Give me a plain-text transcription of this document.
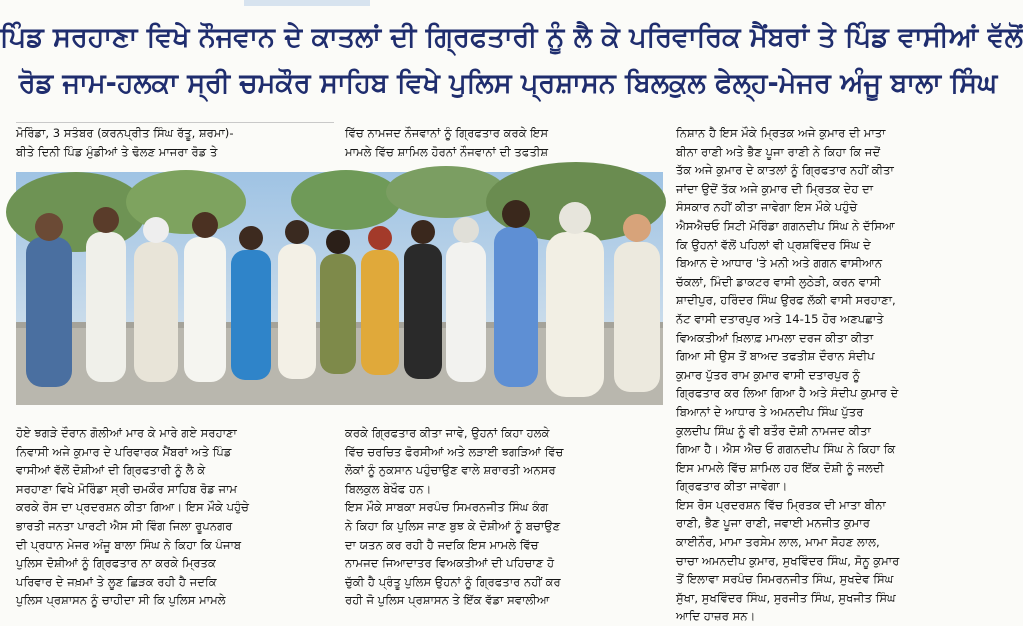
ਪਿੰਡ ਸਰਹਾਣਾ ਵਿਖੇ ਨੌਜਵਾਨ ਦੇ ਕਾਤਲਾਂ ਦੀ ਗ੍ਰਿਫਤਾਰੀ ਨੂੰ ਲੈ ਕੇ ਪਰਿਵਾਰਿਕ ਮੈਂਬਰਾਂ ਤੇ ਪਿੰਡ ਵਾਸੀਆਂ ਵੱਲੋਂ
ਰੋਡ ਜਾਮ-ਹਲਕਾ ਸ੍ਰੀ ਚਮਕੌਰ ਸਾਹਿਬ ਵਿਖੇ ਪੁਲਿਸ ਪ੍ਰਸ਼ਾਸਨ ਬਿਲਕੁਲ ਫੇਲ੍ਹ-ਮੇਜਰ ਅੰਜੂ ਬਾਲਾ ਸਿੰਘ

ਮੋਰਿੰਡਾ, 3 ਸਤੰਬਰ (ਕਰਨਪ੍ਰੀਤ ਸਿੰਘ ਰੱਤੂ, ਸ਼ਰਮਾ)-

ਬੀਤੇ ਦਿਨੀ ਪਿੰਡ ਮੁੰਡੀਆਂ ਤੇ ਢੋਲਣ ਮਾਜਰਾ ਰੋਡ ਤੇ

ਵਿੱਚ ਨਾਮਜਦ ਨੌਜਵਾਨਾਂ ਨੂੰ ਗ੍ਰਿਫਤਾਰ ਕਰਕੇ ਇਸ

ਮਾਮਲੇ ਵਿੱਚ ਸ਼ਾਮਿਲ ਹੋਰਨਾਂ ਨੌਜਵਾਨਾਂ ਦੀ ਤਫਤੀਸ਼

ਨਿਸ਼ਾਨ ਹੈ ਇਸ ਮੌਕੇ ਮ੍ਰਿਤਕ ਅਜੇ ਕੁਮਾਰ ਦੀ ਮਾਤਾ

ਬੀਨਾ ਰਾਣੀ ਅਤੇ ਭੈਣ ਪੂਜਾ ਰਾਣੀ ਨੇ ਕਿਹਾ ਕਿ ਜਦੋਂ

ਤੱਕ ਅਜੇ ਕੁਮਾਰ ਦੇ ਕਾਤਲਾਂ ਨੂੰ ਗ੍ਰਿਫਤਾਰ ਨਹੀਂ ਕੀਤਾ

ਜਾਂਦਾ ਉਦੋਂ ਤੱਕ ਅਜੇ ਕੁਮਾਰ ਦੀ ਮ੍ਰਿਤਕ ਦੇਹ ਦਾ

ਸੰਸਕਾਰ ਨਹੀਂ ਕੀਤਾ ਜਾਵੇਗਾ ਇਸ ਮੌਕੇ ਪਹੁੰਚੇ

ਐਸਐਚਓ ਸਿਟੀ ਮੋਰਿੰਡਾ ਗਗਨਦੀਪ ਸਿੰਘ ਨੇ ਦੱਸਿਆ

ਕਿ ਉਹਨਾਂ ਵੱਲੋਂ ਪਹਿਲਾਂ ਵੀ ਪ੍ਰਸ਼ਵਿੰਦਰ ਸਿੰਘ ਦੇ

ਬਿਆਨ ਦੇ ਆਧਾਰ 'ਤੇ ਮਨੀ ਅਤੇ ਗਗਨ ਵਾਸੀਆਨ

ਚੱਕਲਾਂ, ਮਿੰਦੀ ਡਾਕਟਰ ਵਾਸੀ ਲੁਠੇੜੀ, ਕਰਨ ਵਾਸੀ

ਸ਼ਾਦੀਪੁਰ, ਹਰਿੰਦਰ ਸਿੰਘ ਉਰਫ ਲੱਕੀ ਵਾਸੀ ਸਰਹਾਣਾ,

ਨੱਟ ਵਾਸੀ ਦਤਾਰਪੁਰ ਅਤੇ 14-15 ਹੋਰ ਅਣਪਛਾਤੇ

ਵਿਅਕਤੀਆਂ ਖ਼ਿਲਾਫ਼ ਮਾਮਲਾ ਦਰਜ ਕੀਤਾ ਕੀਤਾ

ਗਿਆ ਸੀ ਉਸ ਤੋਂ ਬਾਅਦ ਤਫਤੀਸ਼ ਦੌਰਾਨ ਸੰਦੀਪ

ਕੁਮਾਰ ਪੁੱਤਰ ਰਾਮ ਕੁਮਾਰ ਵਾਸੀ ਦਤਾਰਪੁਰ ਨੂੰ

ਗ੍ਰਿਫਤਾਰ ਕਰ ਲਿਆ ਗਿਆ ਹੈ ਅਤੇ ਸੰਦੀਪ ਕੁਮਾਰ ਦੇ

ਬਿਆਨਾਂ ਦੇ ਆਧਾਰ ਤੇ ਅਮਨਦੀਪ ਸਿੰਘ ਪੁੱਤਰ

ਕੁਲਦੀਪ ਸਿੰਘ ਨੂੰ ਵੀ ਬਤੌਰ ਦੋਸ਼ੀ ਨਾਮਜਦ ਕੀਤਾ

ਗਿਆ ਹੈ। ਐਸ ਐਚ ਓ ਗਗਨਦੀਪ ਸਿੰਘ ਨੇ ਕਿਹਾ ਕਿ

ਇਸ ਮਾਮਲੇ ਵਿੱਚ ਸ਼ਾਮਿਲ ਹਰ ਇੱਕ ਦੋਸ਼ੀ ਨੂੰ ਜਲਦੀ

ਗ੍ਰਿਫਤਾਰ ਕੀਤਾ ਜਾਵੇਗਾ।

ਇਸ ਰੋਸ ਪ੍ਰਦਰਸ਼ਨ ਵਿੱਚ ਮ੍ਰਿਤਕ ਦੀ ਮਾਤਾ ਬੀਨਾ

ਰਾਣੀ, ਭੈਣ ਪੂਜਾ ਰਾਣੀ, ਜਵਾਈ ਮਨਜੀਤ ਕੁਮਾਰ

ਕਾਈਨੌਰ, ਮਾਮਾ ਤਰਸੇਮ ਲਾਲ, ਮਾਮਾ ਸੋਹਣ ਲਾਲ,

ਚਾਚਾ ਅਮਨਦੀਪ ਕੁਮਾਰ, ਸੁਖਵਿੰਦਰ ਸਿੰਘ, ਸੋਨੂ ਕੁਮਾਰ

ਤੋਂ ਇਲਾਵਾ ਸਰਪੰਚ ਸਿਮਰਨਜੀਤ ਸਿੰਘ, ਸੁਖਦੇਵ ਸਿੰਘ

ਸੁੱਖਾ, ਸੁਖਵਿੰਦਰ ਸਿੰਘ, ਸੁਰਜੀਤ ਸਿੰਘ, ਸੁਖਜੀਤ ਸਿੰਘ

ਆਦਿ ਹਾਜ਼ਰ ਸਨ।

ਹੋਏ ਝਗੜੇ ਦੌਰਾਨ ਗੋਲੀਆਂ ਮਾਰ ਕੇ ਮਾਰੇ ਗਏ ਸਰਹਾਣਾ

ਨਿਵਾਸੀ ਅਜੇ ਕੁਮਾਰ ਦੇ ਪਰਿਵਾਰਕ ਮੈਂਬਰਾਂ ਅਤੇ ਪਿੰਡ

ਵਾਸੀਆਂ ਵੱਲੋਂ ਦੋਸ਼ੀਆਂ ਦੀ ਗ੍ਰਿਫਤਾਰੀ ਨੂੰ ਲੈ ਕੇ

ਸਰਹਾਣਾ ਵਿਖੇ ਮੋਰਿੰਡਾ ਸ੍ਰੀ ਚਮਕੌਰ ਸਾਹਿਬ ਰੋਡ ਜਾਮ

ਕਰਕੇ ਰੋਸ ਦਾ ਪ੍ਰਦਰਸ਼ਨ ਕੀਤਾ ਗਿਆ। ਇਸ ਮੌਕੇ ਪਹੁੰਚੇ

ਭਾਰਤੀ ਜਨਤਾ ਪਾਰਟੀ ਐਸ ਸੀ ਵਿੰਗ ਜਿਲਾ ਰੂਪਨਗਰ

ਦੀ ਪ੍ਰਧਾਨ ਮੇਜਰ ਅੰਜੂ ਬਾਲਾ ਸਿੰਘ ਨੇ ਕਿਹਾ ਕਿ ਪੰਜਾਬ

ਪੁਲਿਸ ਦੋਸ਼ੀਆਂ ਨੂੰ ਗ੍ਰਿਫਤਾਰ ਨਾ ਕਰਕੇ ਮ੍ਰਿਤਕ

ਪਰਿਵਾਰ ਦੇ ਜਖ਼ਮਾਂ ਤੇ ਲੂਣ ਛਿੜਕ ਰਹੀ ਹੈ ਜਦਕਿ

ਪੁਲਿਸ ਪ੍ਰਸ਼ਾਸਨ ਨੂੰ ਚਾਹੀਦਾ ਸੀ ਕਿ ਪੁਲਿਸ ਮਾਮਲੇ

ਕਰਕੇ ਗ੍ਰਿਫਤਾਰ ਕੀਤਾ ਜਾਵੇ, ਉਹਨਾਂ ਕਿਹਾ ਹਲਕੇ

ਵਿੱਚ ਚਰਚਿਤ ਫੋਰਸੀਆਂ ਅਤੇ ਲੜਾਈ ਝਗੜਿਆਂ ਵਿੱਚ

ਲੋਕਾਂ ਨੂੰ ਨੁਕਸਾਨ ਪਹੁੰਚਾਉਣ ਵਾਲੇ ਸ਼ਰਾਰਤੀ ਅਨਸਰ

ਬਿਲਕੁਲ ਬੇਖੌਫ ਹਨ।

ਇਸ ਮੌਕੇ ਸਾਬਕਾ ਸਰਪੰਚ ਸਿਮਰਨਜੀਤ ਸਿੰਘ ਕੰਗ

ਨੇ ਕਿਹਾ ਕਿ ਪੁਲਿਸ ਜਾਣ ਬੁਝ ਕੇ ਦੋਸ਼ੀਆਂ ਨੂੰ ਬਚਾਉਣ

ਦਾ ਯਤਨ ਕਰ ਰਹੀ ਹੈ ਜਦਕਿ ਇਸ ਮਾਮਲੇ ਵਿੱਚ

ਨਾਮਜਦ ਜਿਆਦਾਤਰ ਵਿਅਕਤੀਆਂ ਦੀ ਪਹਿਚਾਣ ਹੋ

ਚੁੱਕੀ ਹੈ ਪ੍ਰੰਤੂ ਪੁਲਿਸ ਉਹਨਾਂ ਨੂੰ ਗ੍ਰਿਫਤਾਰ ਨਹੀਂ ਕਰ

ਰਹੀ ਜੋ ਪੁਲਿਸ ਪ੍ਰਸ਼ਾਸਨ ਤੇ ਇੱਕ ਵੱਡਾ ਸਵਾਲੀਆ
